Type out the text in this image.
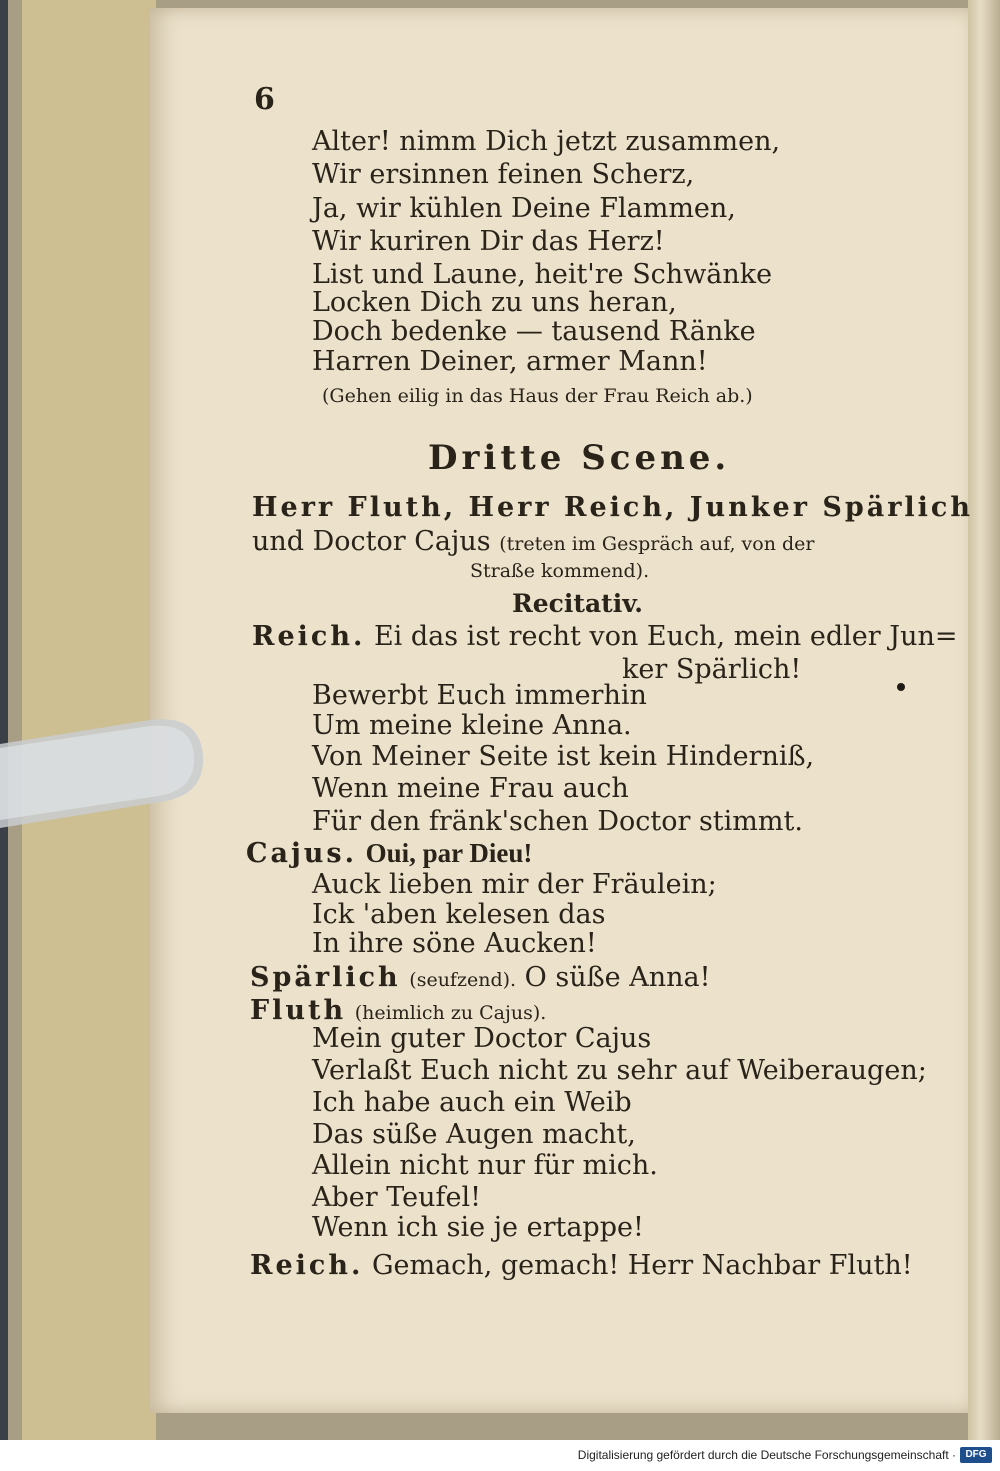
6
Alter! nimm Dich jetzt zusammen,
Wir ersinnen feinen Scherz,
Ja, wir kühlen Deine Flammen,
Wir kuriren Dir das Herz!
List und Laune, heit're Schwänke
Locken Dich zu uns heran,
Doch bedenke — tausend Ränke
Harren Deiner, armer Mann!
(Gehen eilig in das Haus der Frau Reich ab.)
Dritte Scene.
Herr Fluth, Herr Reich, Junker Spärlich
und Doctor Cajus (treten im Gespräch auf, von der
Straße kommend).
Recitativ.
Reich. Ei das ist recht von Euch, mein edler Jun=
ker Spärlich!
Bewerbt Euch immerhin
Um meine kleine Anna.
Von Meiner Seite ist kein Hinderniß,
Wenn meine Frau auch
Für den fränk'schen Doctor stimmt.
Cajus. Oui, par Dieu!
Auck lieben mir der Fräulein;
Ick 'aben kelesen das
In ihre söne Aucken!
Spärlich (seufzend). O süße Anna!
Fluth (heimlich zu Cajus).
Mein guter Doctor Cajus
Verlaßt Euch nicht zu sehr auf Weiberaugen;
Ich habe auch ein Weib
Das süße Augen macht,
Allein nicht nur für mich.
Aber Teufel!
Wenn ich sie je ertappe!
Reich. Gemach, gemach! Herr Nachbar Fluth!
Digitalisierung gefördert durch die Deutsche Forschungsgemeinschaft · DFG
